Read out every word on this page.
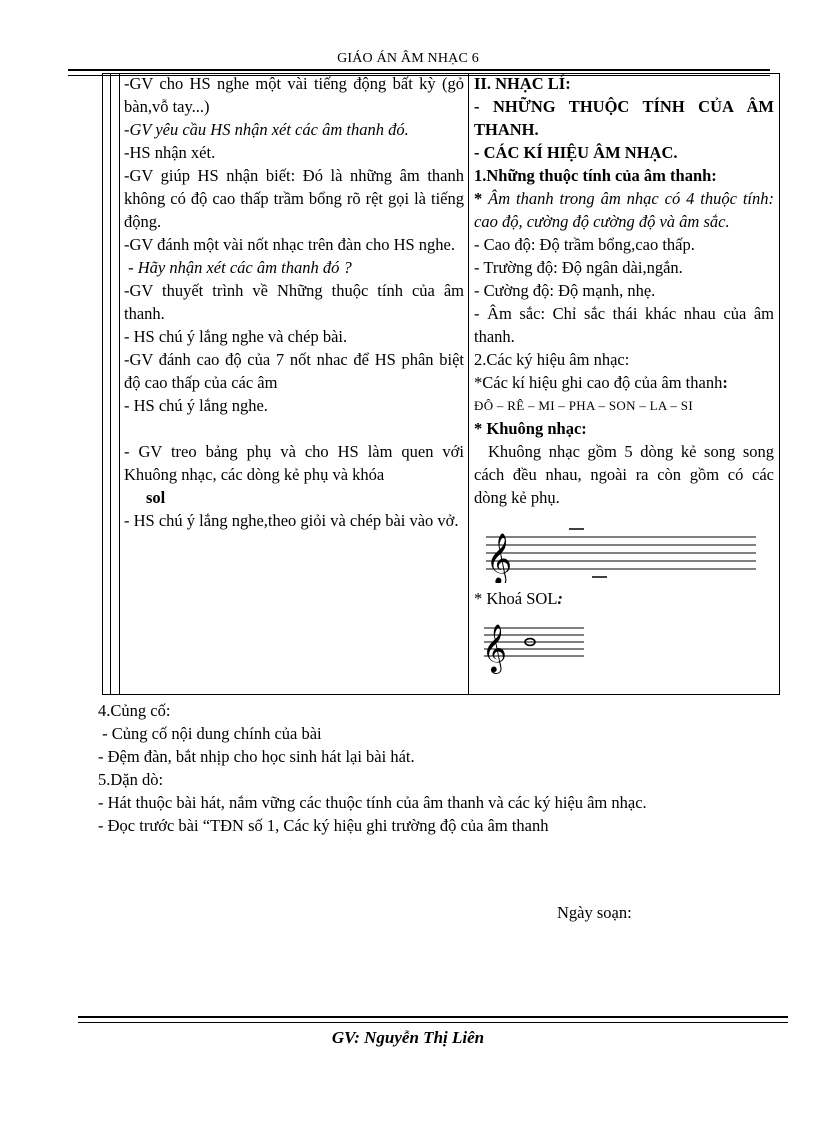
GIÁO ÁN ÂM NHẠC 6

-GV cho HS nghe một vài tiếng động bất kỳ (gỏ bàn,vỗ tay...)

-GV yêu cầu HS nhận xét các âm thanh đó.

-HS nhận xét.

-GV giúp HS nhận biết: Đó là những âm thanh không có độ cao thấp trầm bổng rõ rệt gọi là tiếng động.

-GV đánh một vài nốt nhạc trên đàn cho HS nghe.

- Hãy nhận xét các âm thanh đó ?

-GV thuyết trình về Những thuộc tính của âm thanh.

- HS chú ý lắng nghe và chép bài.

-GV đánh cao độ của 7 nốt nhac để HS phân biệt độ cao thấp của các âm

- HS chú ý lắng nghe.

- GV treo bảng phụ và cho HS làm quen với Khuông nhạc, các dòng kẻ phụ và khóa

sol

- HS chú ý lắng nghe,theo giỏi và chép bài vào vở.

II. NHẠC LÍ:

- NHỮNG THUỘC TÍNH CỦA ÂM THANH.

- CÁC KÍ HIỆU ÂM NHẠC.

1.Những thuộc tính của âm thanh:

* Âm thanh trong âm nhạc có 4 thuộc tính: cao độ, cường độ cường độ và âm sắc.

- Cao độ: Độ trầm bổng,cao thấp.

- Trường độ: Độ ngân dài,ngắn.

- Cường độ: Độ mạnh, nhẹ.

- Âm sắc: Chỉ sắc thái khác nhau của âm thanh.

2.Các ký hiệu âm nhạc:

*Các kí hiệu ghi cao độ của âm thanh:

ĐÔ – RÊ – MI – PHA – SON – LA – SI

* Khuông nhạc:

Khuông nhạc gồm 5 dòng kẻ song song cách đều nhau, ngoài ra còn gồm có các dòng kẻ phụ.

𝄞

* Khoá SOL:

𝄞

4.Củng cố:

- Củng cố nội dung chính của bài

- Đệm đàn, bắt nhịp cho học sinh hát lại bài hát.

5.Dặn dò:

- Hát thuộc bài hát, nắm vững các thuộc tính của âm thanh và các ký hiệu âm nhạc.

- Đọc trước bài “TĐN số 1, Các ký hiệu ghi trường độ của âm thanh

Ngày soạn:
GV: Nguyễn Thị Liên
